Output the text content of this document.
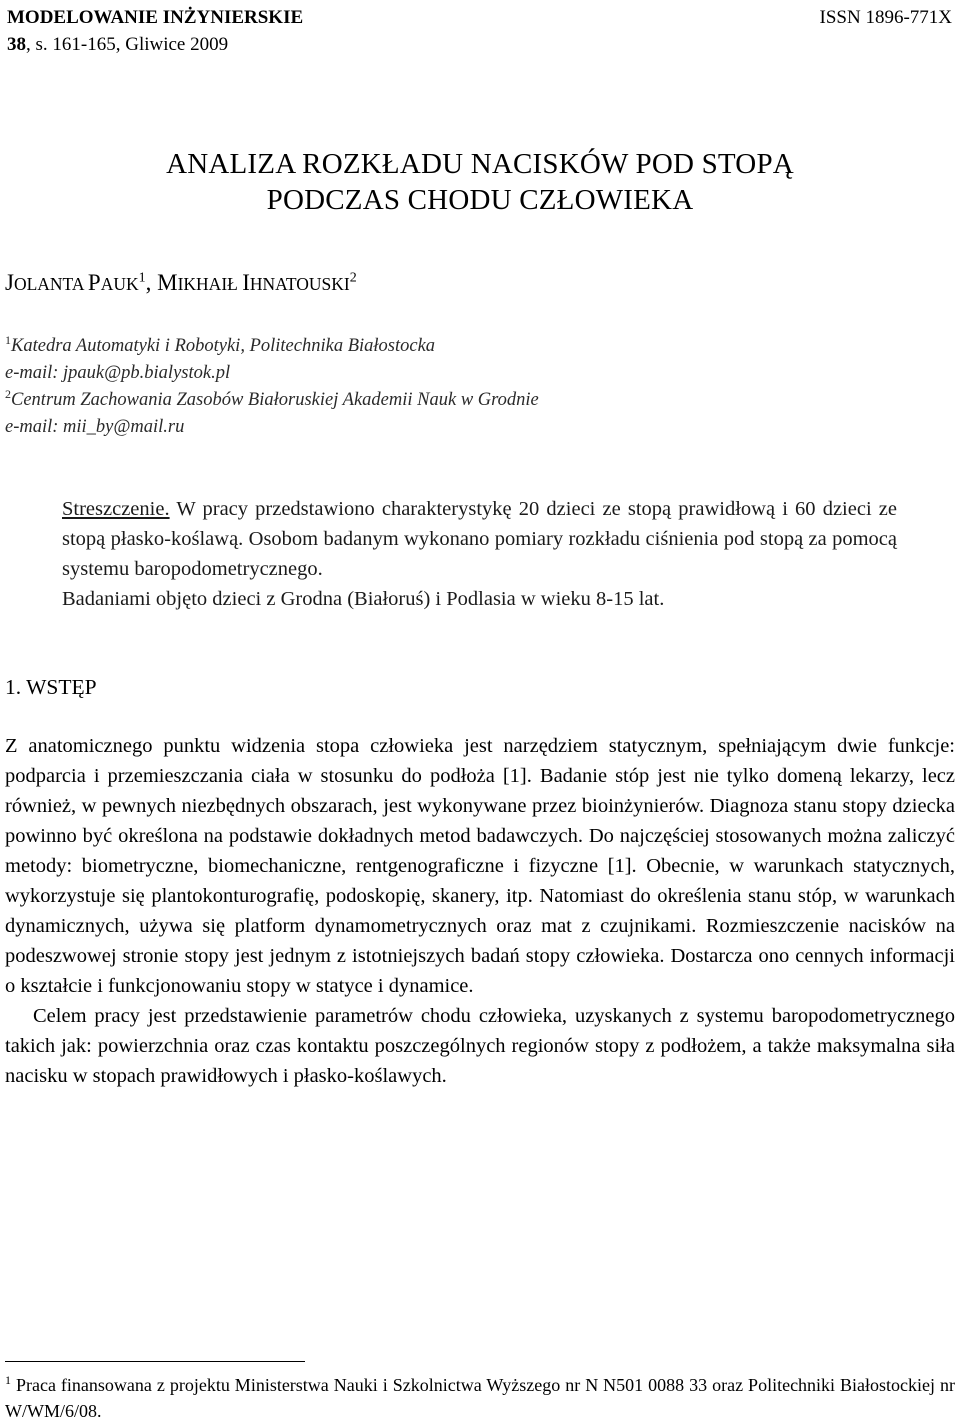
MODELOWANIE INŻYNIERSKIE
38, s. 161-165, Gliwice 2009
ISSN 1896-771X
ANALIZA ROZKŁADU NACISKÓW POD STOPĄ
PODCZAS CHODU CZŁOWIEKA
JOLANTA PAUK$^1$, MIKHAIŁ IHNATOUSKI$^2$
$^1$Katedra Automatyki i Robotyki, Politechnika Białostocka
e-mail: jpauk@pb.bialystok.pl
$^2$Centrum Zachowania Zasobów Białoruskiej Akademii Nauk w Grodnie
e-mail: mii_by@mail.ru
Streszczenie. W pracy przedstawiono charakterystykę 20 dzieci ze stopą prawidłową i 60 dzieci ze stopą płasko-koślawą. Osobom badanym wykonano pomiary rozkładu ciśnienia pod stopą za pomocą systemu baropodometrycznego.
Badaniami objęto dzieci z Grodna (Białoruś) i Podlasia w wieku 8-15 lat.
1. WSTĘP

Z anatomicznego punktu widzenia stopa człowieka jest narzędziem statycznym, spełniającym dwie funkcje: podparcia i przemieszczania ciała w stosunku do podłoża [1]. Badanie stóp jest nie tylko domeną lekarzy, lecz również, w pewnych niezbędnych obszarach, jest wykonywane przez bioinżynierów. Diagnoza stanu stopy dziecka powinno być określona na podstawie dokładnych metod badawczych. Do najczęściej stosowanych można zaliczyć metody: biometryczne, biomechaniczne, rentgenograficzne i fizyczne [1]. Obecnie, w warunkach statycznych, wykorzystuje się plantokonturografię, podoskopię, skanery, itp. Natomiast do określenia stanu stóp, w warunkach dynamicznych, używa się platform dynamometrycznych oraz mat z czujnikami. Rozmieszczenie nacisków na podeszwowej stronie stopy jest jednym z istotniejszych badań stopy człowieka. Dostarcza ono cennych informacji o kształcie i funkcjonowaniu stopy w statyce i dynamice.

Celem pracy jest przedstawienie parametrów chodu człowieka, uzyskanych z systemu baropodometrycznego takich jak: powierzchnia oraz czas kontaktu poszczególnych regionów stopy z podłożem, a także maksymalna siła nacisku w stopach prawidłowych i płasko-koślawych.

$^1$ Praca finansowana z projektu Ministerstwa Nauki i Szkolnictwa Wyższego nr N N501 0088 33 oraz Politechniki Białostockiej nr W/WM/6/08.
